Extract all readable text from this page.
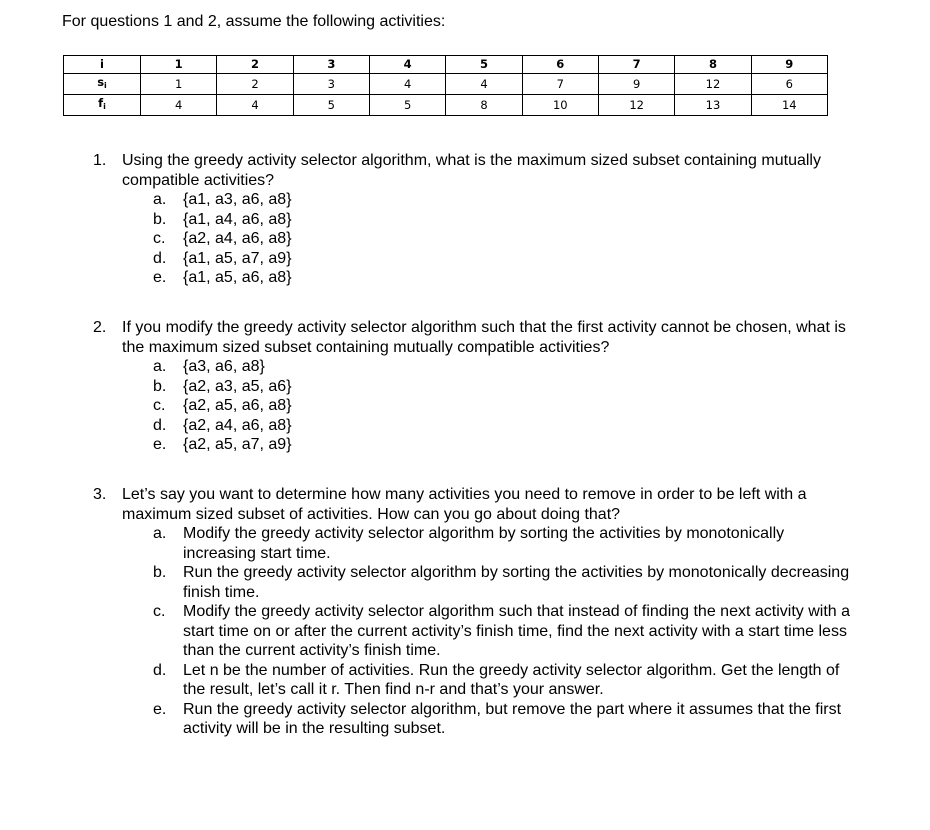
For questions 1 and 2, assume the following activities:
i	1	2	3	4	5	6	7	8	9
$s_i$	1	2	3	4	4	7	9	12	6
$f_i$	4	4	5	5	8	10	12	13	14
1. Using the greedy activity selector algorithm, what is the maximum sized subset containing mutually compatible activities?
a. {a1, a3, a6, a8}
b. {a1, a4, a6, a8}
c. {a2, a4, a6, a8}
d. {a1, a5, a7, a9}
e. {a1, a5, a6, a8}
2. If you modify the greedy activity selector algorithm such that the first activity cannot be chosen, what is the maximum sized subset containing mutually compatible activities?
a. {a3, a6, a8}
b. {a2, a3, a5, a6}
c. {a2, a5, a6, a8}
d. {a2, a4, a6, a8}
e. {a2, a5, a7, a9}
3. Let’s say you want to determine how many activities you need to remove in order to be left with a maximum sized subset of activities. How can you go about doing that?
a. Modify the greedy activity selector algorithm by sorting the activities by monotonically increasing start time.
b. Run the greedy activity selector algorithm by sorting the activities by monotonically decreasing finish time.
c. Modify the greedy activity selector algorithm such that instead of finding the next activity with a start time on or after the current activity’s finish time, find the next activity with a start time less than the current activity’s finish time.
d. Let n be the number of activities. Run the greedy activity selector algorithm. Get the length of the result, let’s call it r. Then find n-r and that’s your answer.
e. Run the greedy activity selector algorithm, but remove the part where it assumes that the first activity will be in the resulting subset.
